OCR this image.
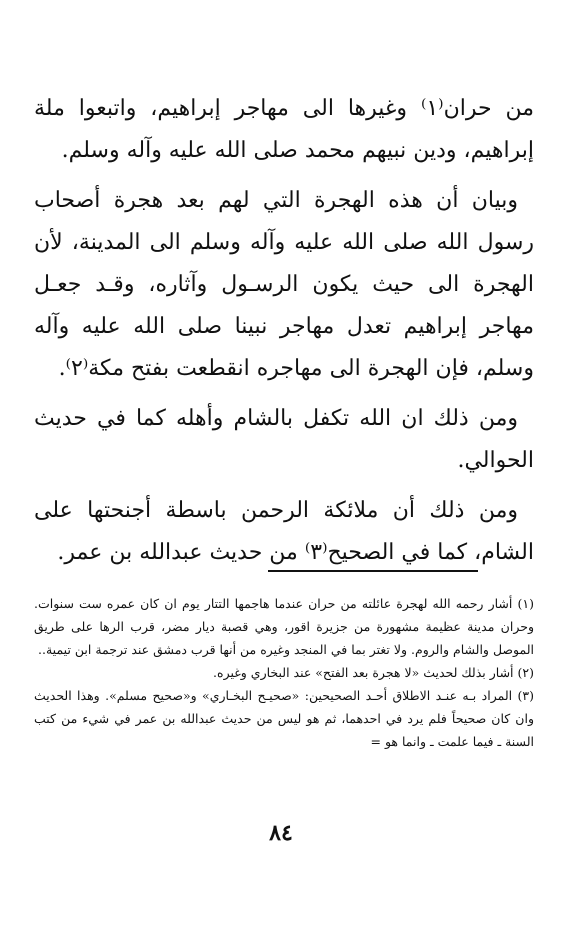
من حران⁽١⁾ وغيرها الى مهاجر إبراهيم، واتبعوا ملة إبراهيم، ودين نبيهم محمد صلى الله عليه وآله وسلم.

وبيان أن هذه الهجرة التي لهم بعد هجرة أصحاب رسول الله صلى الله عليه وآله وسلم الى المدينة، لأن الهجرة الى حيث يكون الرسـول وآثاره، وقـد جعـل مهاجر إبراهيم تعدل مهاجر نبينا صلى الله عليه وآله وسلم، فإن الهجرة الى مهاجره انقطعت بفتح مكة⁽٢⁾.

ومن ذلك ان الله تكفل بالشام وأهله كما في حديث الحوالي.

ومن ذلك أن ملائكة الرحمن باسطة أجنحتها على الشام، كما في الصحيح⁽٣⁾ من حديث عبدالله بن عمر.

(١) أشار رحمه الله لهجرة عائلته من حران عندما هاجمها التتار يوم ان كان عمره ست سنوات. وحران مدينة عظيمة مشهورة من جزيرة اقور، وهي قصبة ديار مضر، قرب الرها على طريق الموصل والشام والروم. ولا تغتر بما في المنجد وغيره من أنها قرب دمشق عند ترجمة ابن تيمية..

(٢) أشار بذلك لحديث «لا هجرة بعد الفتح» عند البخاري وغيره.

(٣) المراد بـه عنـد الاطلاق أحـد الصحيحين: «صحيـح البخـاري» و«صحيح مسلم». وهذا الحديث وان كان صحيحاً فلم يرد في احدهما، ثم هو ليس من حديث عبدالله بن عمر في شيء من كتب السنة ـ فيما علمت ـ وانما هو =

٨٤
